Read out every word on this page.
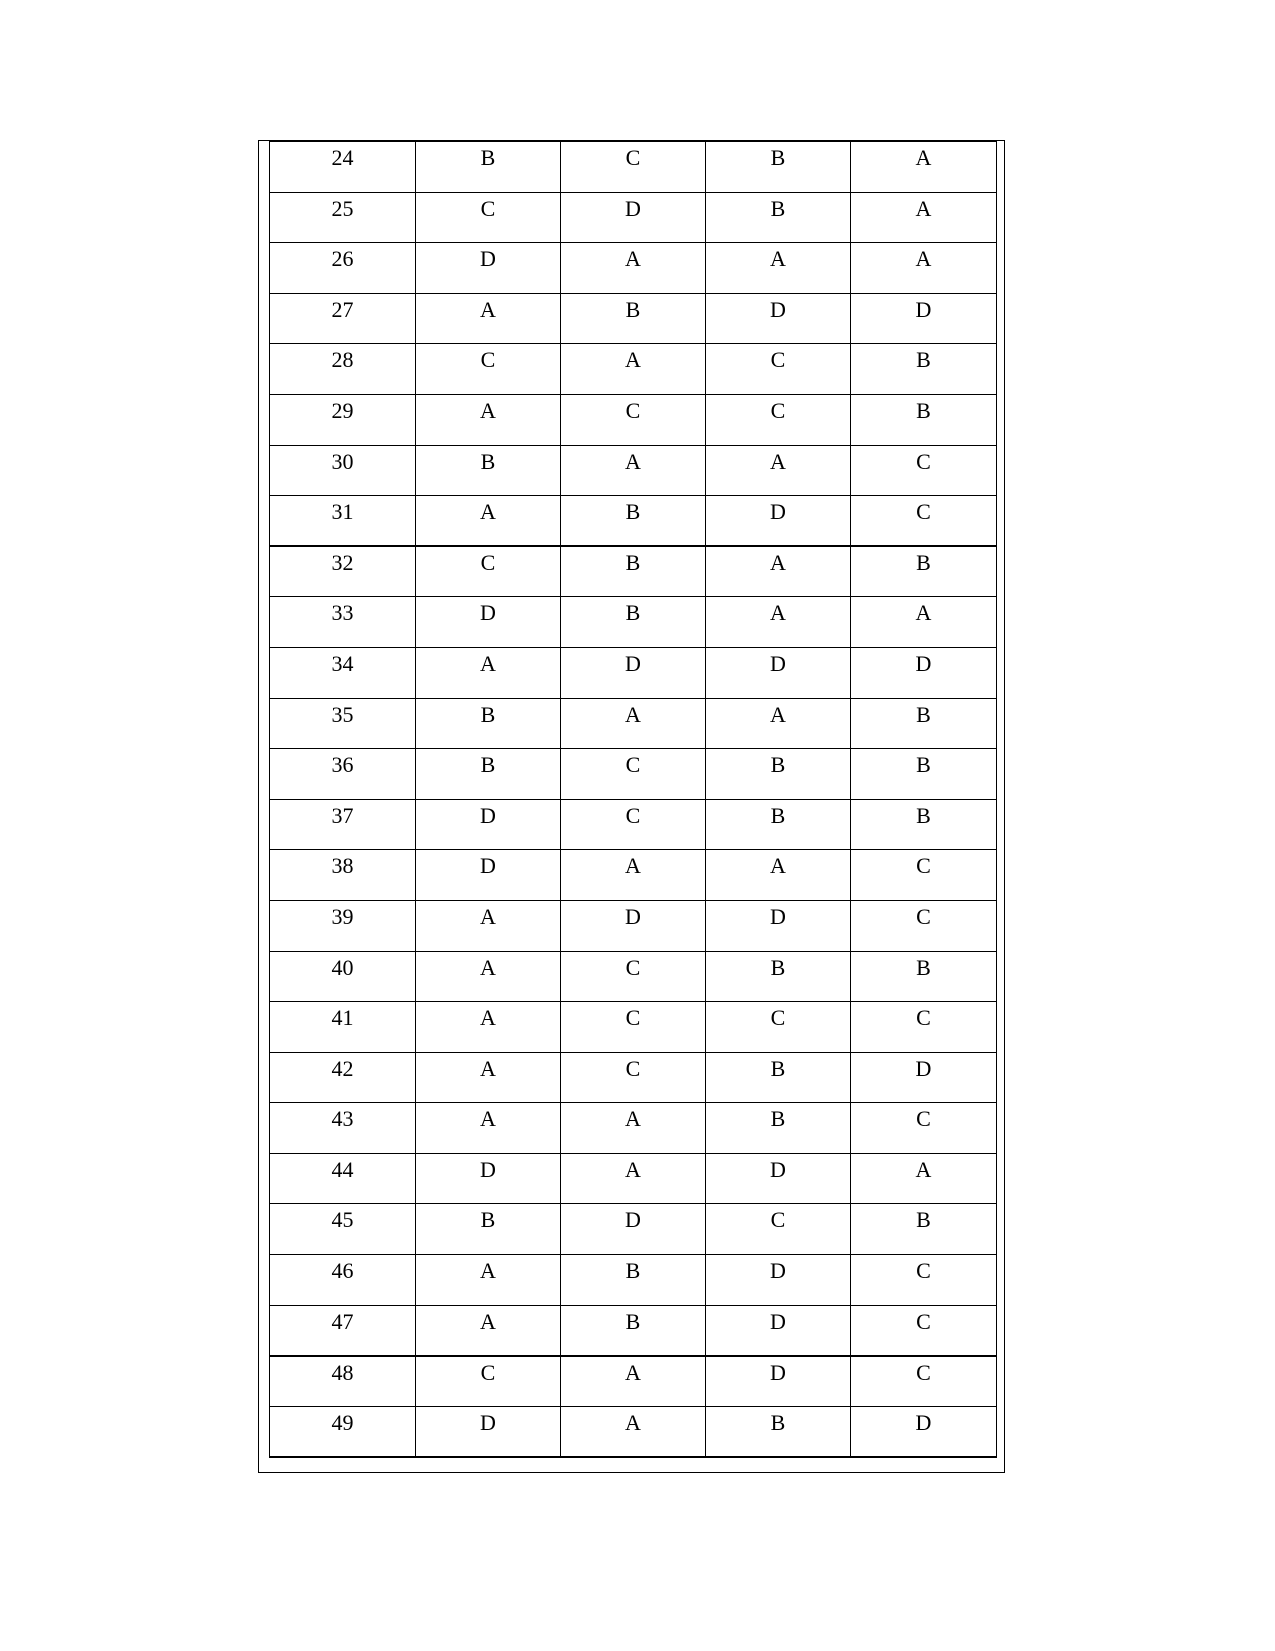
24	B	C	B	A

25	C	D	B	A

26	D	A	A	A

27	A	B	D	D

28	C	A	C	B

29	A	C	C	B

30	B	A	A	C

31	A	B	D	C

32	C	B	A	B

33	D	B	A	A

34	A	D	D	D

35	B	A	A	B

36	B	C	B	B

37	D	C	B	B

38	D	A	A	C

39	A	D	D	C

40	A	C	B	B

41	A	C	C	C

42	A	C	B	D

43	A	A	B	C

44	D	A	D	A

45	B	D	C	B

46	A	B	D	C

47	A	B	D	C

48	C	A	D	C

49	D	A	B	D
